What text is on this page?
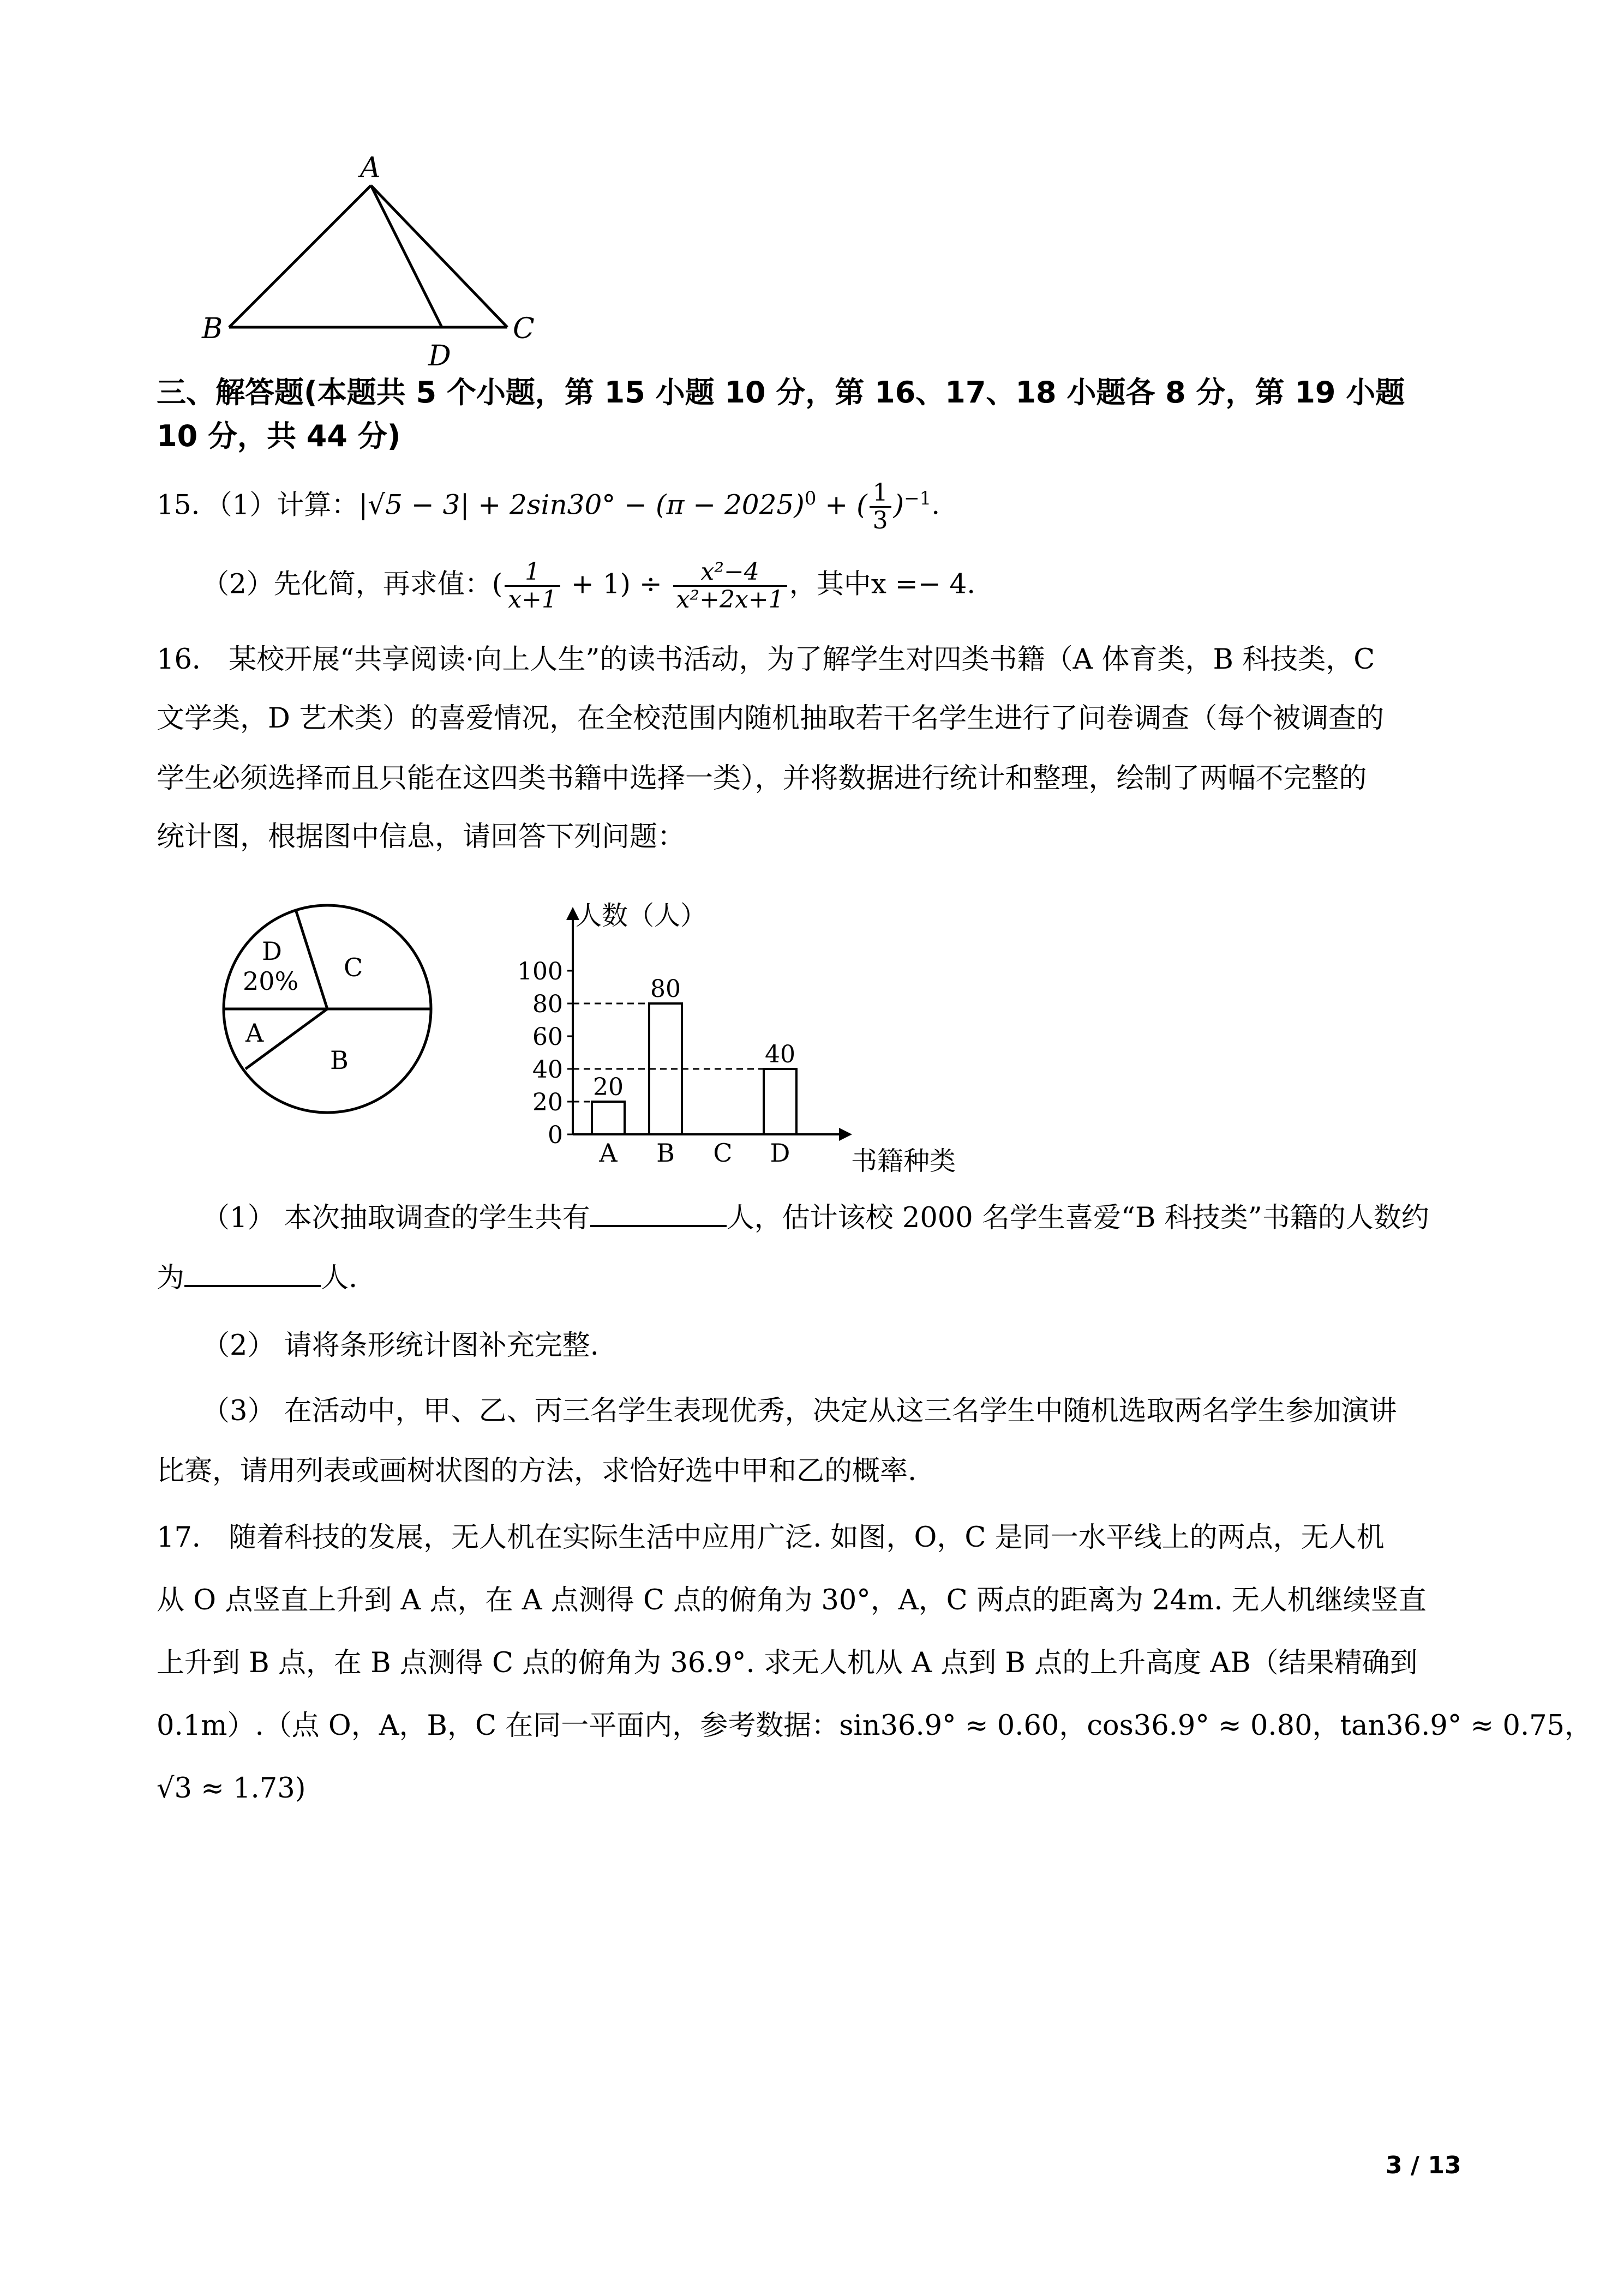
A
B	C
D
三、解答题(本题共 5 个小题，第 15 小题 10 分，第 16、17、18 小题各 8 分，第 19 小题
10 分，共 44 分)
15．（1）计算：$|√5 - 3| + 2\sin 30^\circ - (\pi - 2025)^0$ + ( $\frac{1}{3} )^{-1}$.
（2）先化简，再求值：( $\frac{1}{x+1} + 1) \div \frac{\text{x²−4}}{\text{x²+2x+1}}$ ，其中x =− 4.
16． 某校开展“共享阅读·向上人生”的读书活动，为了解学生对四类书籍（A 体育类，B 科技类，C
文学类，D 艺术类）的喜爱情况，在全校范围内随机抽取若干名学生进行了问卷调查（每个被调查的
学生必须选择而且只能在这四类书籍中选择一类），并将数据进行统计和整理，绘制了两幅不完整的
统计图，根据图中信息，请回答下列问题：
D
20% C
B
A
0
20
40
60
80
100
20
A
80
B C
40
D
人数（人）
书籍种类
（1） 本次抽取调查的学生共有	人，估计该校 2000 名学生喜爱“B 科技类”书籍的人数约
为	人.
（2） 请将条形统计图补充完整.
（3） 在活动中，甲、乙、丙三名学生表现优秀，决定从这三名学生中随机选取两名学生参加演讲
比赛，请用列表或画树状图的方法，求恰好选中甲和乙的概率.
17． 随着科技的发展，无人机在实际生活中应用广泛. 如图，O，C 是同一水平线上的两点，无人机
从 O 点竖直上升到 A 点，在 A 点测得 C 点的俯角为 30°，A，C 两点的距离为 24m. 无人机继续竖直
上升到 B 点，在 B 点测得 C 点的俯角为 36.9°. 求无人机从 A 点到 B 点的上升高度 AB（结果精确到
0.1m）.（点 O，A，B，C 在同一平面内，参考数据：sin36.9° ≈ 0.60，cos36.9° ≈ 0.80，tan36.9° ≈ 0.75，
√3 ≈ 1.73)
3 / 13
